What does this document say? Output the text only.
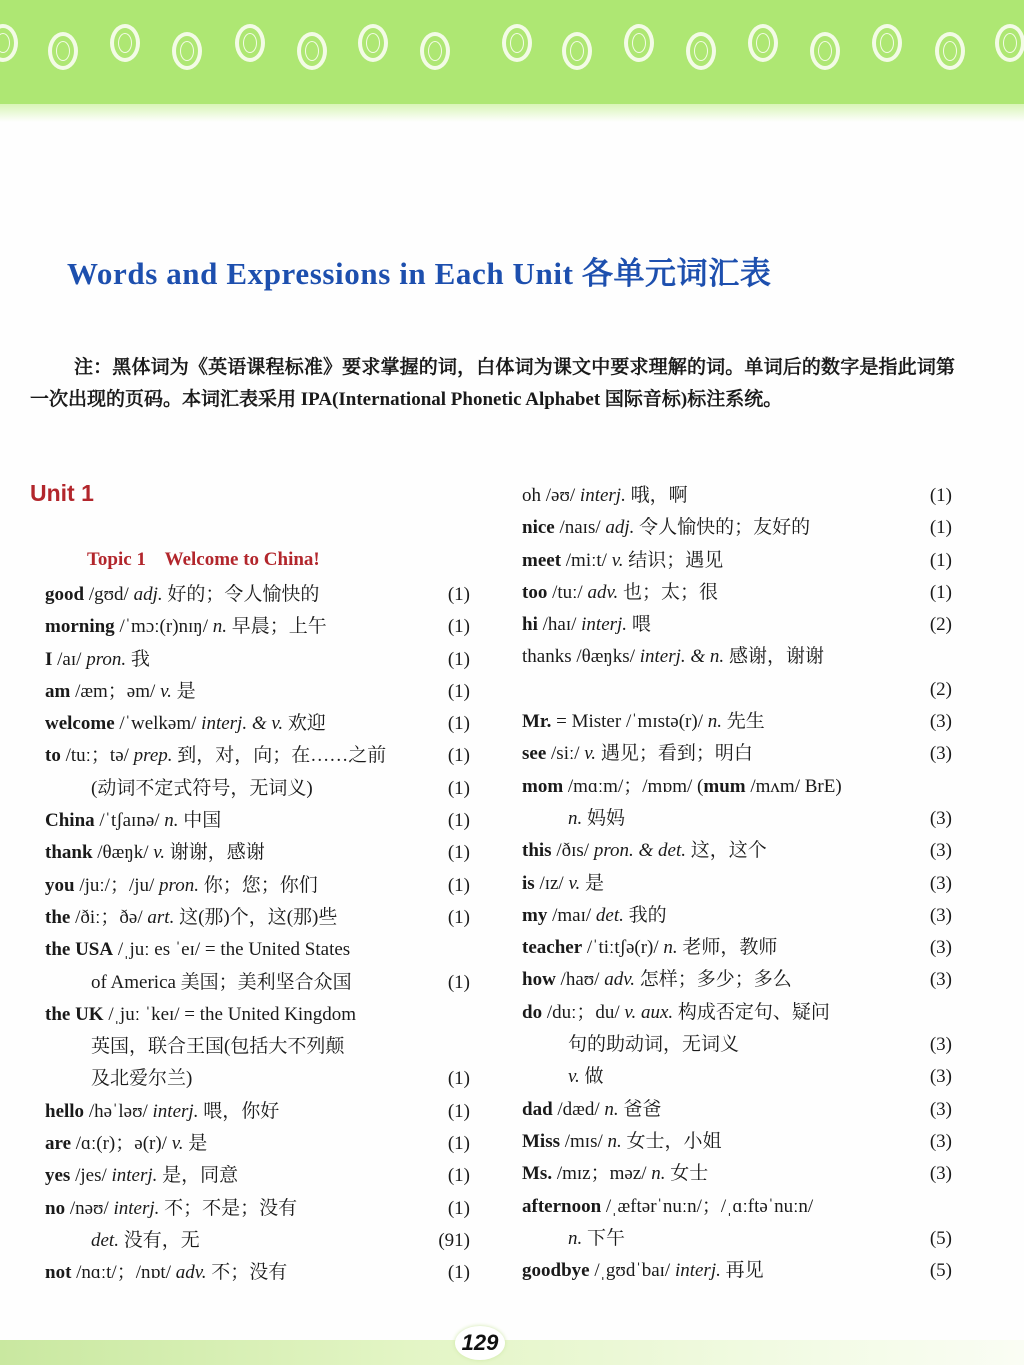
Words and Expressions in Each Unit 各单元词汇表
注：黑体词为《英语课程标准》要求掌握的词，白体词为课文中要求理解的词。单词后的数字是指此词第一次出现的页码。本词汇表采用 IPA(International Phonetic Alphabet 国际音标)标注系统。
Unit 1
Topic 1    Welcome to China!
good /gʊd/ adj. 好的；令人愉快的	(1)
morning /ˈmɔː(r)nɪŋ/ n. 早晨；上午	(1)
I /aɪ/ pron. 我	(1)
am /æm；əm/ v. 是	(1)
welcome /ˈwelkəm/ interj. & v. 欢迎	(1)
to /tuː；tə/ prep. 到，对，向；在……之前	(1)
(动词不定式符号，无词义)	(1)
China /ˈtʃaɪnə/ n. 中国	(1)
thank /θæŋk/ v. 谢谢，感谢	(1)
you /juː/；/ju/ pron. 你；您；你们	(1)
the /ðiː；ðə/ art. 这(那)个，这(那)些	(1)
the USA /ˌjuː es ˈeɪ/ = the United States
of America 美国；美利坚合众国	(1)
the UK /ˌjuː ˈkeɪ/ = the United Kingdom
英国，联合王国(包括大不列颠
及北爱尔兰)	(1)
hello /həˈləʊ/ interj. 喂，你好	(1)
are /ɑː(r)；ə(r)/ v. 是	(1)
yes /jes/ interj. 是，同意	(1)
no /nəʊ/ interj. 不；不是；没有	(1)
det. 没有，无	(91)
not /nɑːt/；/nɒt/ adv. 不；没有	(1)
oh /əʊ/ interj. 哦，啊	(1)
nice /naɪs/ adj. 令人愉快的；友好的	(1)
meet /miːt/ v. 结识；遇见	(1)
too /tuː/ adv. 也；太；很	(1)
hi /haɪ/ interj. 喂	(2)
thanks /θæŋks/ interj. & n. 感谢，谢谢
(2)
Mr. = Mister /ˈmɪstə(r)/ n. 先生	(3)
see /siː/ v. 遇见；看到；明白	(3)
mom /mɑːm/；/mɒm/ (mum /mʌm/ BrE)
n. 妈妈	(3)
this /ðɪs/ pron. & det. 这，这个	(3)
is /ɪz/ v. 是	(3)
my /maɪ/ det. 我的	(3)
teacher /ˈtiːtʃə(r)/ n. 老师，教师	(3)
how /haʊ/ adv. 怎样；多少；多么	(3)
do /duː；du/ v. aux. 构成否定句、疑问
句的助动词，无词义	(3)
v. 做	(3)
dad /dæd/ n. 爸爸	(3)
Miss /mɪs/ n. 女士，小姐	(3)
Ms. /mɪz；məz/ n. 女士	(3)
afternoon /ˌæftərˈnuːn/；/ˌɑːftəˈnuːn/
n. 下午	(5)
goodbye /ˌgʊdˈbaɪ/ interj. 再见	(5)
129
